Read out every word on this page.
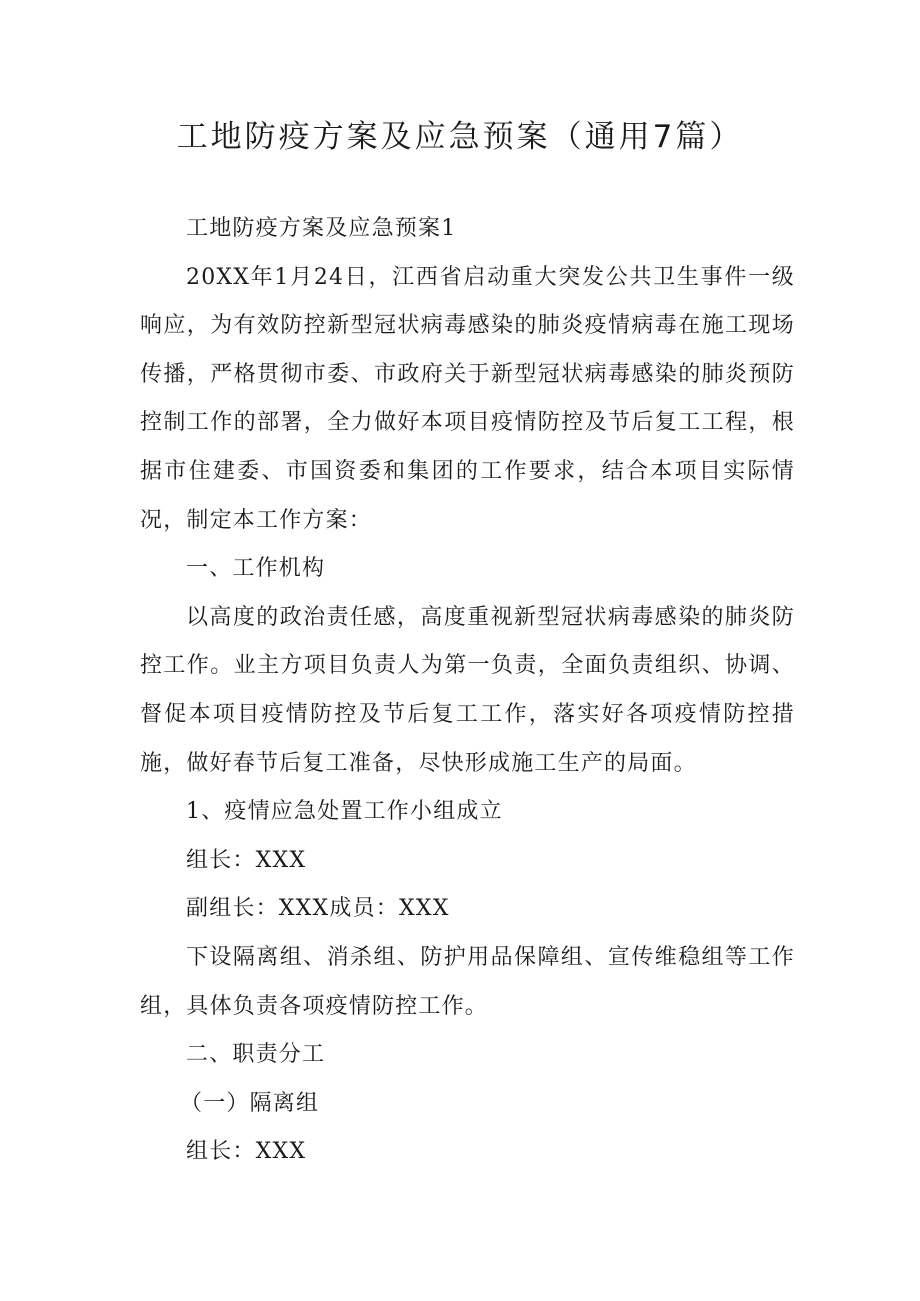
工地防疫方案及应急预案（通用7篇）

工地防疫方案及应急预案1

20XX年1月24日，江西省启动重大突发公共卫生事件一级响应，为有效防控新型冠状病毒感染的肺炎疫情病毒在施工现场传播，严格贯彻市委、市政府关于新型冠状病毒感染的肺炎预防控制工作的部署，全力做好本项目疫情防控及节后复工工程，根据市住建委、市国资委和集团的工作要求，结合本项目实际情况，制定本工作方案：

一、工作机构

以高度的政治责任感，高度重视新型冠状病毒感染的肺炎防控工作。业主方项目负责人为第一负责，全面负责组织、协调、督促本项目疫情防控及节后复工工作，落实好各项疫情防控措施，做好春节后复工准备，尽快形成施工生产的局面。

1、疫情应急处置工作小组成立

组长：XXX

副组长：XXX成员：XXX

下设隔离组、消杀组、防护用品保障组、宣传维稳组等工作组，具体负责各项疫情防控工作。

二、职责分工

（一）隔离组

组长：XXX
